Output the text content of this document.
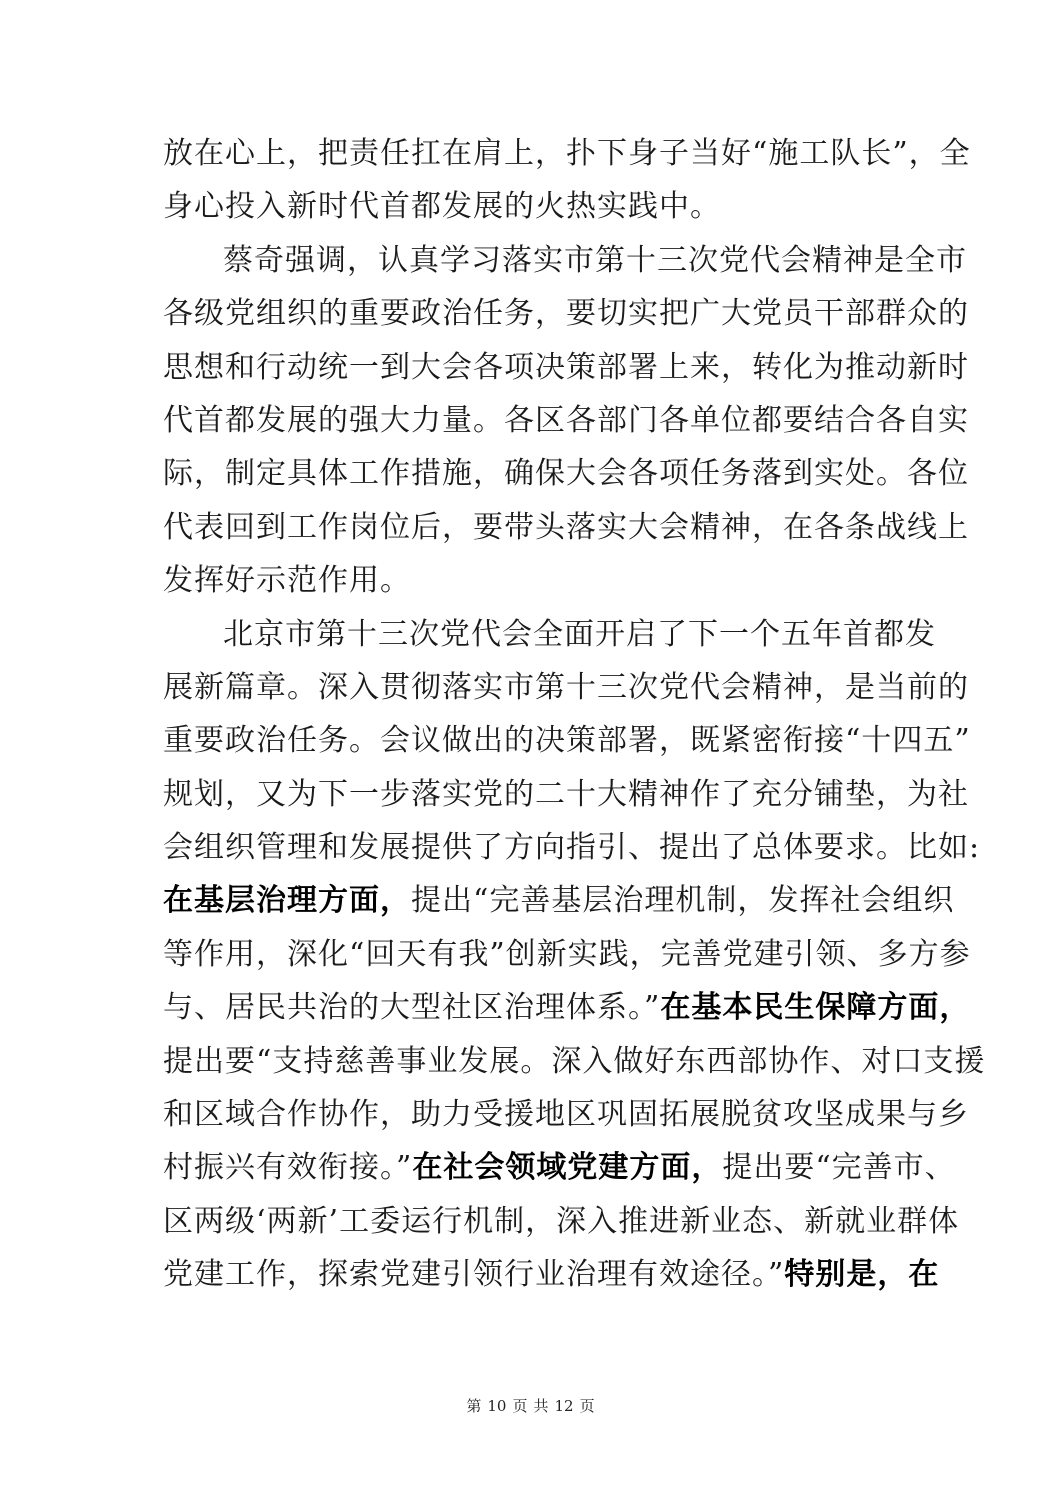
放在心上，把责任扛在肩上，扑下身子当好“施工队长”，全
身心投入新时代首都发展的火热实践中。
蔡奇强调，认真学习落实市第十三次党代会精神是全市
各级党组织的重要政治任务，要切实把广大党员干部群众的
思想和行动统一到大会各项决策部署上来，转化为推动新时
代首都发展的强大力量。各区各部门各单位都要结合各自实
际，制定具体工作措施，确保大会各项任务落到实处。各位
代表回到工作岗位后，要带头落实大会精神，在各条战线上
发挥好示范作用。
北京市第十三次党代会全面开启了下一个五年首都发
展新篇章。深入贯彻落实市第十三次党代会精神，是当前的
重要政治任务。会议做出的决策部署，既紧密衔接“十四五”
规划，又为下一步落实党的二十大精神作了充分铺垫，为社
会组织管理和发展提供了方向指引、提出了总体要求。比如:
在基层治理方面，提出“完善基层治理机制，发挥社会组织
等作用，深化“回天有我”创新实践，完善党建引领、多方参
与、居民共治的大型社区治理体系。”在基本民生保障方面，
提出要“支持慈善事业发展。深入做好东西部协作、对口支援
和区域合作协作，助力受援地区巩固拓展脱贫攻坚成果与乡
村振兴有效衔接。”在社会领域党建方面，提出要“完善市、
区两级‘两新’工委运行机制，深入推进新业态、新就业群体
党建工作，探索党建引领行业治理有效途径。”特别是，在
第 10 页 共 12 页
